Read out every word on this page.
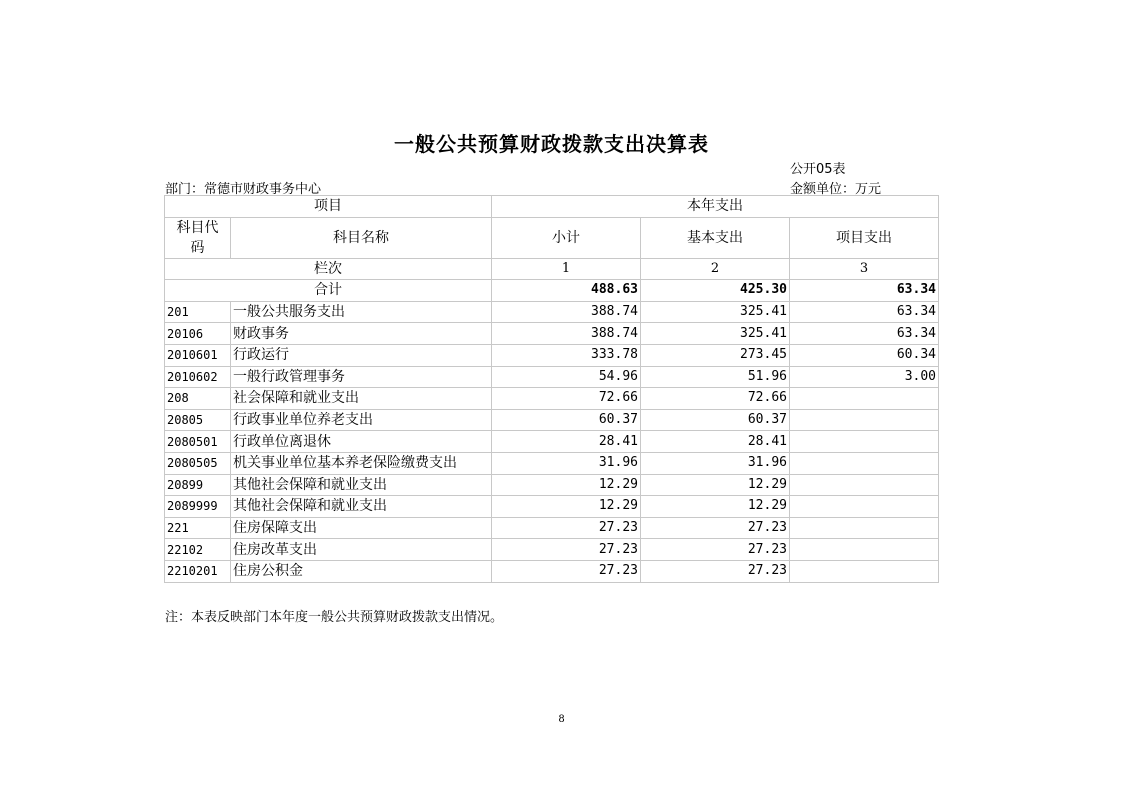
一般公共预算财政拨款支出决算表
公开05表
部门：常德市财政事务中心	金额单位：万元
项目		本年支出		
科目代码	科目名称	小计	基本支出	项目支出
栏次		1	2	3
合计		488.63	425.30	63.34
201	一般公共服务支出	388.74	325.41	63.34
20106	财政事务	388.74	325.41	63.34
2010601	行政运行	333.78	273.45	60.34
2010602	一般行政管理事务	54.96	51.96	3.00
208	社会保障和就业支出	72.66	72.66	
20805	行政事业单位养老支出	60.37	60.37	
2080501	行政单位离退休	28.41	28.41	
2080505	机关事业单位基本养老保险缴费支出	31.96	31.96	
20899	其他社会保障和就业支出	12.29	12.29	
2089999	其他社会保障和就业支出	12.29	12.29	
221	住房保障支出	27.23	27.23	
22102	住房改革支出	27.23	27.23	
2210201	住房公积金	27.23	27.23	
注：本表反映部门本年度一般公共预算财政拨款支出情况。
8
